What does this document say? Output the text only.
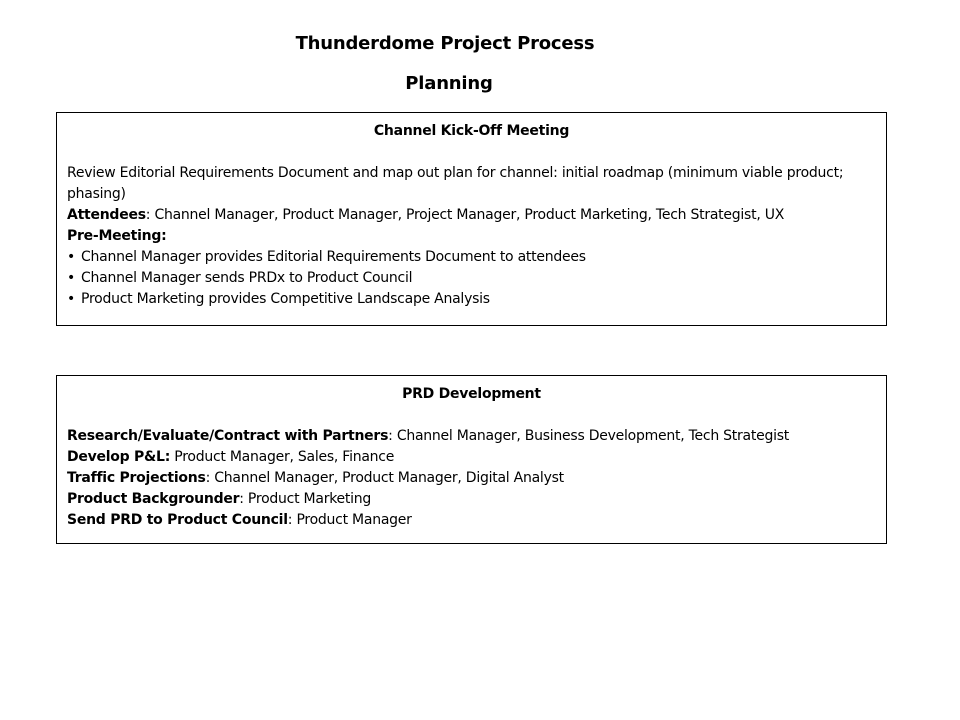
Thunderdome Project Process
Planning
Channel Kick-Off Meeting
Review Editorial Requirements Document and map out plan for channel: initial roadmap (minimum viable product; phasing)
Attendees: Channel Manager, Product Manager, Project Manager, Product Marketing, Tech Strategist, UX
Pre-Meeting:
• Channel Manager provides Editorial Requirements Document to attendees
• Channel Manager sends PRDx to Product Council
• Product Marketing provides Competitive Landscape Analysis
PRD Development
Research/Evaluate/Contract with Partners: Channel Manager, Business Development, Tech Strategist
Develop P&L: Product Manager, Sales, Finance
Traffic Projections: Channel Manager, Product Manager, Digital Analyst
Product Backgrounder: Product Marketing
Send PRD to Product Council: Product Manager
